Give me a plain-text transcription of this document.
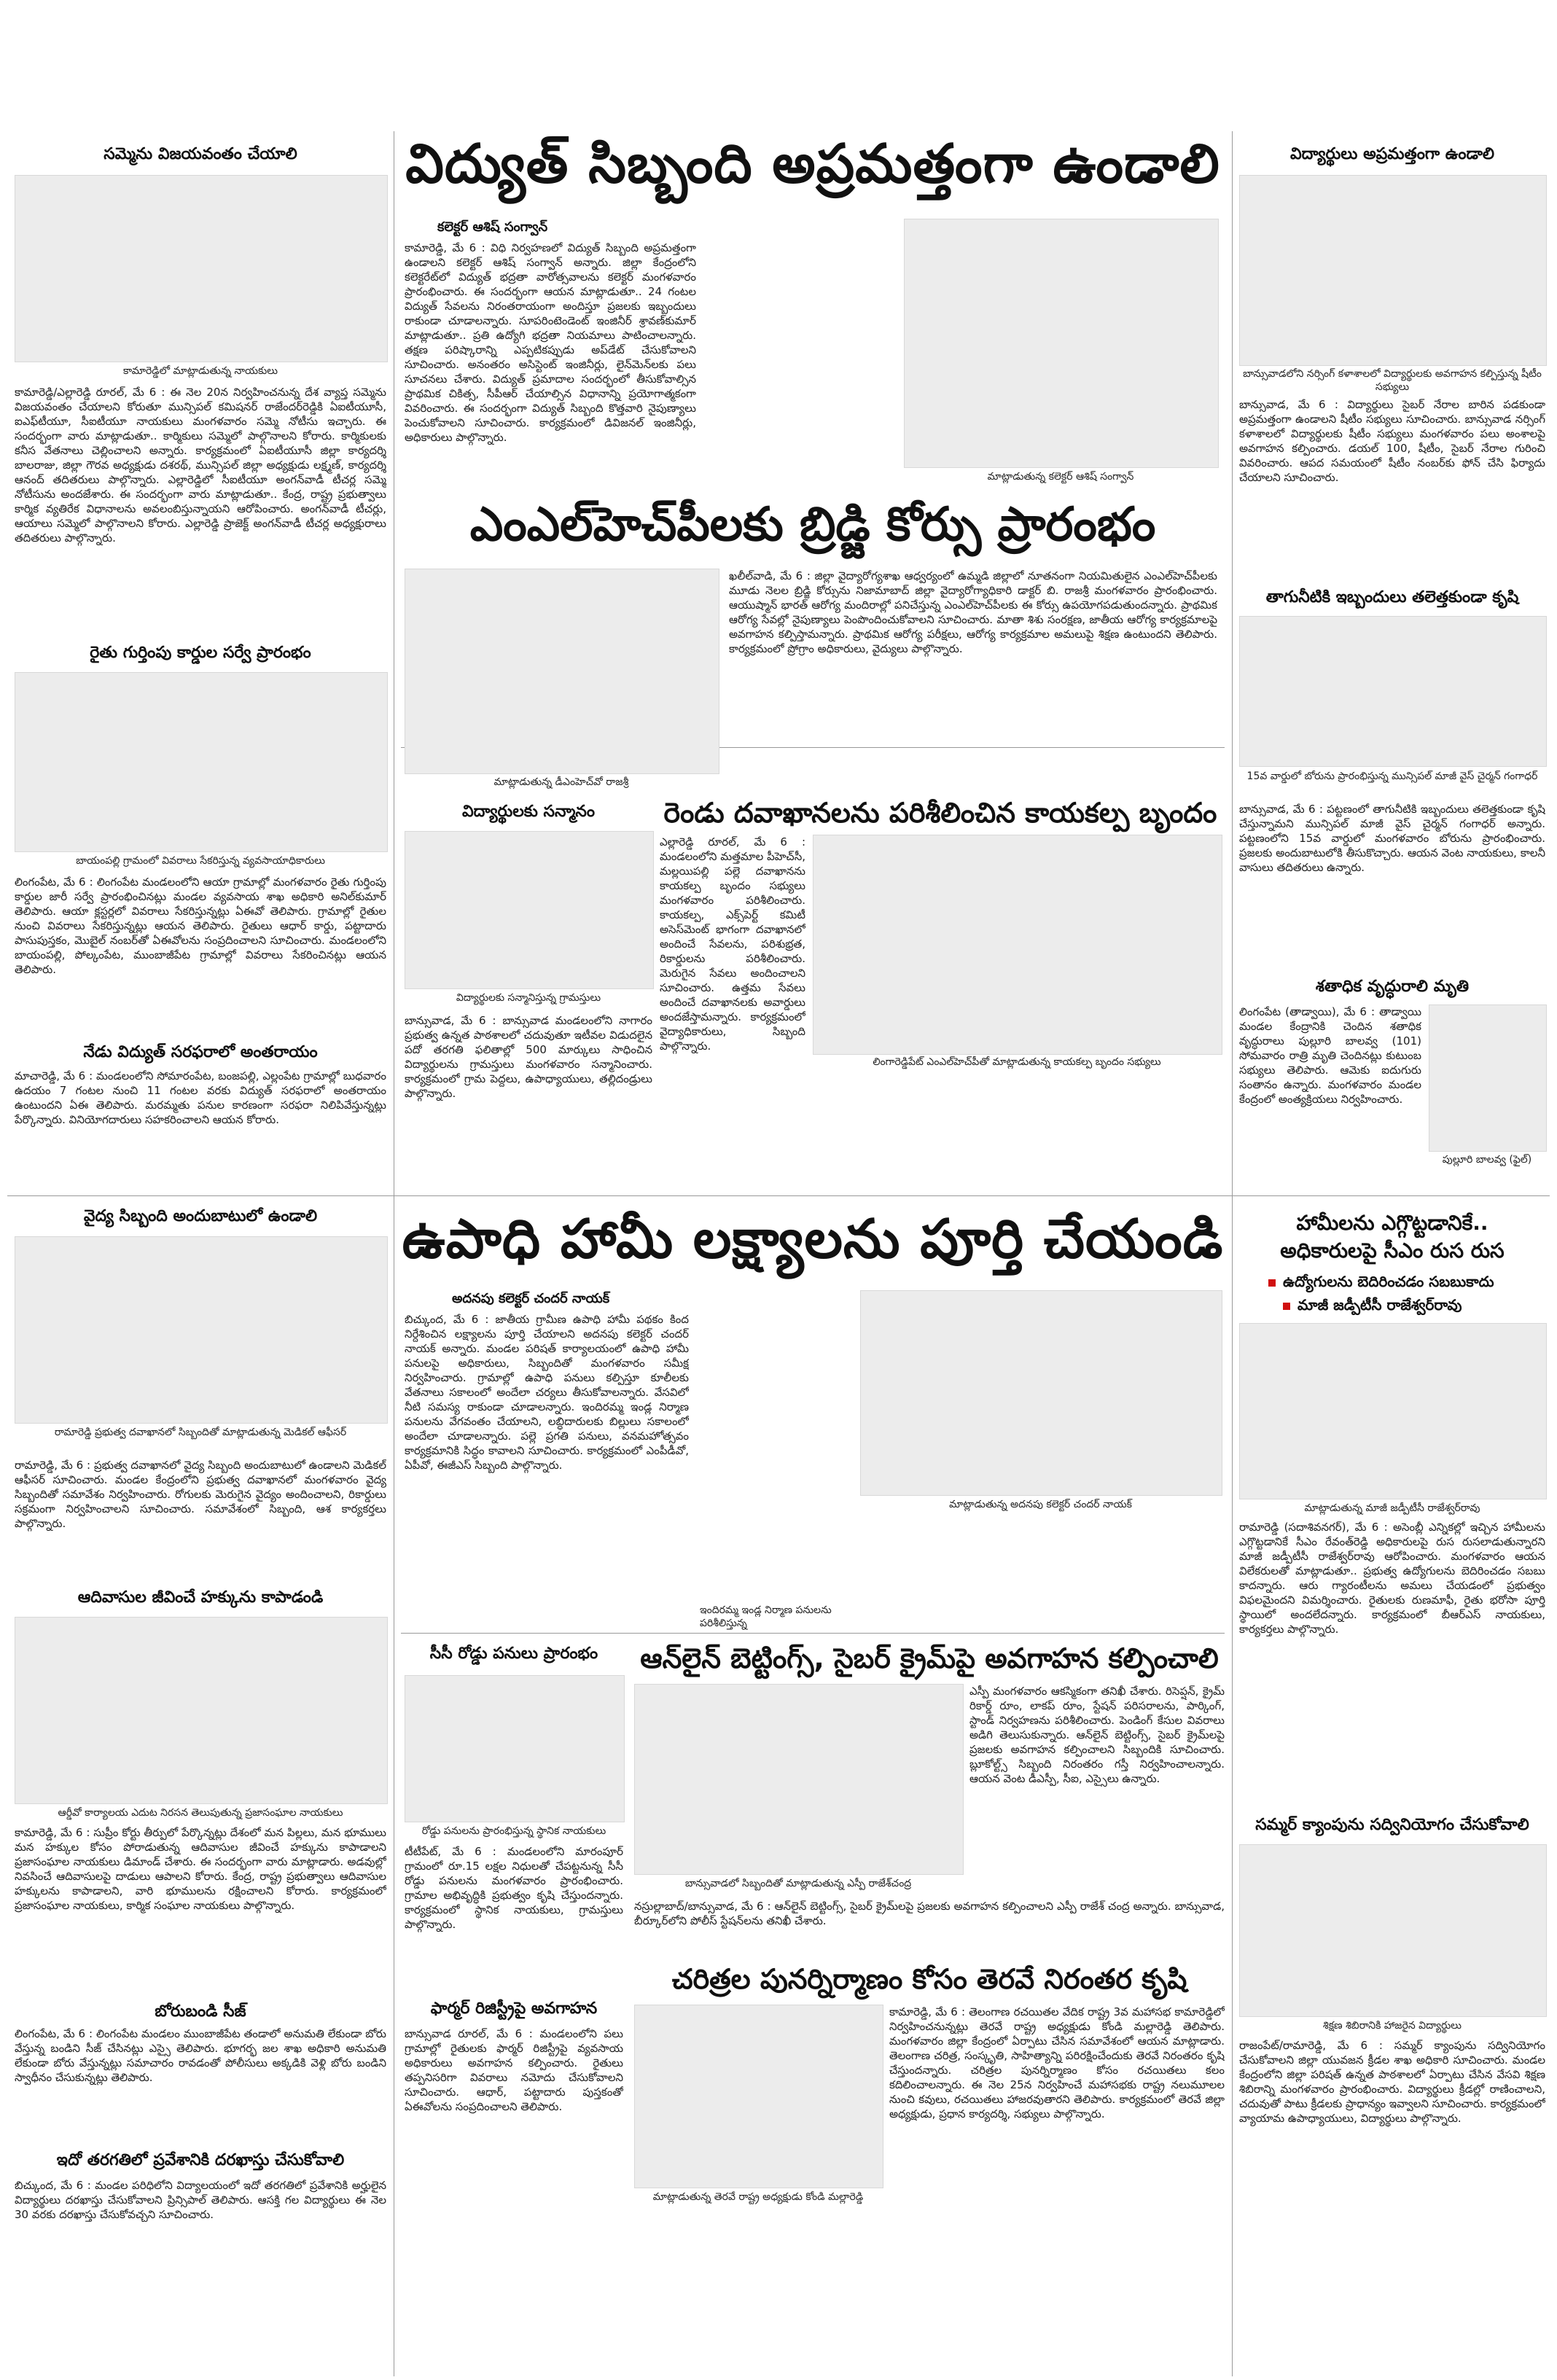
సమ్మెను విజయవంతం చేయాలి
కామారెడ్డిలో మాట్లాడుతున్న నాయకులు
కామారెడ్డి/ఎల్లారెడ్డి రూరల్, మే 6 : ఈ నెల 20న నిర్వహించనున్న దేశ వ్యాప్త సమ్మెను విజయవంతం చేయాలని కోరుతూ మున్సిపల్ కమిషనర్ రాజేందర్‌రెడ్డికి ఏఐటీయూసీ, ఐఎఫ్‌టీయూ, సీఐటీయూ నాయకులు మంగళవారం సమ్మె నోటీసు ఇచ్చారు. ఈ సందర్భంగా వారు మాట్లాడుతూ.. కార్మికులు సమ్మెలో పాల్గొనాలని కోరారు. కార్మికులకు కనీస వేతనాలు చెల్లించాలని అన్నారు. కార్యక్రమంలో ఏఐటీయూసీ జిల్లా కార్యదర్శి బాలరాజు, జిల్లా గౌరవ అధ్యక్షుడు దశరథ్, మున్సిపల్ జిల్లా అధ్యక్షుడు లక్ష్మణ్, కార్యదర్శి ఆనంద్ తదితరులు పాల్గొన్నారు. ఎల్లారెడ్డిలో సీఐటీయూ అంగన్‌వాడీ టీచర్ల సమ్మె నోటీసును అందజేశారు. ఈ సందర్భంగా వారు మాట్లాడుతూ.. కేంద్ర, రాష్ట్ర ప్రభుత్వాలు కార్మిక వ్యతిరేక విధానాలను అవలంబిస్తున్నాయని ఆరోపించారు. అంగన్‌వాడీ టీచర్లు, ఆయాలు సమ్మెలో పాల్గొనాలని కోరారు. ఎల్లారెడ్డి ప్రాజెక్ట్ అంగన్‌వాడీ టీచర్ల అధ్యక్షురాలు తదితరులు పాల్గొన్నారు.
రైతు గుర్తింపు కార్డుల సర్వే ప్రారంభం
బాయంపల్లి గ్రామంలో వివరాలు సేకరిస్తున్న వ్యవసాయాధికారులు
లింగంపేట, మే 6 : లింగంపేట మండలంలోని ఆయా గ్రామాల్లో మంగళవారం రైతు గుర్తింపు కార్డుల జారీ సర్వే ప్రారంభించినట్లు మండల వ్యవసాయ శాఖ అధికారి అనిల్‌కుమార్ తెలిపారు. ఆయా క్లస్టర్లలో వివరాలు సేకరిస్తున్నట్లు ఏఈవో తెలిపారు. గ్రామాల్లో రైతుల నుంచి వివరాలు సేకరిస్తున్నట్లు ఆయన తెలిపారు. రైతులు ఆధార్ కార్డు, పట్టాదారు పాసుపుస్తకం, మొబైల్ నంబర్‌తో ఏఈవోలను సంప్రదించాలని సూచించారు. మండలంలోని బాయంపల్లి, పోల్కంపేట, ముంబాజీపేట గ్రామాల్లో వివరాలు సేకరించినట్లు ఆయన తెలిపారు.
నేడు విద్యుత్ సరఫరాలో అంతరాయం
మాచారెడ్డి, మే 6 : మండలంలోని సోమారంపేట, బంజపల్లి, ఎల్లంపేట గ్రామాల్లో బుధవారం ఉదయం 7 గంటల నుంచి 11 గంటల వరకు విద్యుత్ సరఫరాలో అంతరాయం ఉంటుందని ఏఈ తెలిపారు. మరమ్మతు పనుల కారణంగా సరఫరా నిలిపివేస్తున్నట్లు పేర్కొన్నారు. వినియోగదారులు సహకరించాలని ఆయన కోరారు.
వైద్య సిబ్బంది అందుబాటులో ఉండాలి
రామారెడ్డి ప్రభుత్వ దవాఖానలో సిబ్బందితో మాట్లాడుతున్న మెడికల్ ఆఫీసర్
రామారెడ్డి, మే 6 : ప్రభుత్వ దవాఖానలో వైద్య సిబ్బంది అందుబాటులో ఉండాలని మెడికల్ ఆఫీసర్ సూచించారు. మండల కేంద్రంలోని ప్రభుత్వ దవాఖానలో మంగళవారం వైద్య సిబ్బందితో సమావేశం నిర్వహించారు. రోగులకు మెరుగైన వైద్యం అందించాలని, రికార్డులు సక్రమంగా నిర్వహించాలని సూచించారు. సమావేశంలో సిబ్బంది, ఆశ కార్యకర్తలు పాల్గొన్నారు.
ఆదివాసుల జీవించే హక్కును కాపాడండి
ఆర్డీవో కార్యాలయ ఎదుట నిరసన తెలుపుతున్న ప్రజాసంఘాల నాయకులు
కామారెడ్డి, మే 6 : సుప్రీం కోర్టు తీర్పులో పేర్కొన్నట్లు దేశంలో మన పిల్లలు, మన భూములు మన హక్కుల కోసం పోరాడుతున్న ఆదివాసుల జీవించే హక్కును కాపాడాలని ప్రజాసంఘాల నాయకులు డిమాండ్ చేశారు. ఈ సందర్భంగా వారు మాట్లాడారు. అడవుల్లో నివసించే ఆదివాసులపై దాడులు ఆపాలని కోరారు. కేంద్ర, రాష్ట్ర ప్రభుత్వాలు ఆదివాసుల హక్కులను కాపాడాలని, వారి భూములను రక్షించాలని కోరారు. కార్యక్రమంలో ప్రజాసంఘాల నాయకులు, కార్మిక సంఘాల నాయకులు పాల్గొన్నారు.
బోరుబండి సీజ్
లింగంపేట, మే 6 : లింగంపేట మండలం ముంబాజీపేట తండాలో అనుమతి లేకుండా బోరు వేస్తున్న బండిని సీజ్ చేసినట్లు ఎస్సై తెలిపారు. భూగర్భ జల శాఖ అధికారి అనుమతి లేకుండా బోరు వేస్తున్నట్లు సమాచారం రావడంతో పోలీసులు అక్కడికి వెళ్లి బోరు బండిని స్వాధీనం చేసుకున్నట్లు తెలిపారు.
ఇదో తరగతిలో ప్రవేశానికి దరఖాస్తు చేసుకోవాలి
బిచ్కుంద, మే 6 : మండల పరిధిలోని విద్యాలయంలో ఇదో తరగతిలో ప్రవేశానికి అర్హులైన విద్యార్థులు దరఖాస్తు చేసుకోవాలని ప్రిన్సిపాల్ తెలిపారు. ఆసక్తి గల విద్యార్థులు ఈ నెల 30 వరకు దరఖాస్తు చేసుకోవచ్చని సూచించారు.
విద్యుత్ సిబ్బంది అప్రమత్తంగా ఉండాలి
కలెక్టర్ ఆశిష్ సంగ్వాన్
కామారెడ్డి, మే 6 : విధి నిర్వహణలో విద్యుత్ సిబ్బంది అప్రమత్తంగా ఉండాలని కలెక్టర్ ఆశిష్ సంగ్వాన్ అన్నారు. జిల్లా కేంద్రంలోని కలెక్టరేట్‌లో విద్యుత్ భద్రతా వారోత్సవాలను కలెక్టర్ మంగళవారం ప్రారంభించారు. ఈ సందర్భంగా ఆయన మాట్లాడుతూ.. 24 గంటల విద్యుత్ సేవలను నిరంతరాయంగా అందిస్తూ ప్రజలకు ఇబ్బందులు రాకుండా చూడాలన్నారు. సూపరింటెండెంట్ ఇంజినీర్ శ్రావణ్‌కుమార్ మాట్లాడుతూ.. ప్రతి ఉద్యోగి భద్రతా నియమాలు పాటించాలన్నారు. తక్షణ పరిష్కారాన్ని ఎప్పటికప్పుడు అప్‌డేట్ చేసుకోవాలని సూచించారు. అనంతరం అసిస్టెంట్ ఇంజినీర్లు, లైన్‌మెన్‌లకు పలు సూచనలు చేశారు. విద్యుత్ ప్రమాదాల సందర్భంలో తీసుకోవాల్సిన ప్రాథమిక చికిత్స, సీపీఆర్ చేయాల్సిన విధానాన్ని ప్రయోగాత్మకంగా వివరించారు. ఈ సందర్భంగా విద్యుత్ సిబ్బంది కొత్తవారి నైపుణ్యాలు పెంచుకోవాలని సూచించారు. కార్యక్రమంలో డివిజనల్ ఇంజినీర్లు, అధికారులు పాల్గొన్నారు.
మాట్లాడుతున్న కలెక్టర్ ఆశిష్ సంగ్వాన్
ఎంఎల్‌హెచ్‌పీలకు బ్రిడ్జి కోర్సు ప్రారంభం
మాట్లాడుతున్న డీఎంహెచ్‌వో రాజశ్రీ
ఖలీల్‌వాడి, మే 6 : జిల్లా వైద్యారోగ్యశాఖ ఆధ్వర్యంలో ఉమ్మడి జిల్లాలో నూతనంగా నియమితులైన ఎంఎల్‌హెచ్‌పీలకు మూడు నెలల బ్రిడ్జి కోర్సును నిజామాబాద్ జిల్లా వైద్యారోగ్యాధికారి డాక్టర్ బి. రాజశ్రీ మంగళవారం ప్రారంభించారు. ఆయుష్మాన్ భారత్ ఆరోగ్య మందిరాల్లో పనిచేస్తున్న ఎంఎల్‌హెచ్‌పీలకు ఈ కోర్సు ఉపయోగపడుతుందన్నారు. ప్రాథమిక ఆరోగ్య సేవల్లో నైపుణ్యాలు పెంపొందించుకోవాలని సూచించారు. మాతా శిశు సంరక్షణ, జాతీయ ఆరోగ్య కార్యక్రమాలపై అవగాహన కల్పిస్తామన్నారు. ప్రాథమిక ఆరోగ్య పరీక్షలు, ఆరోగ్య కార్యక్రమాల అమలుపై శిక్షణ ఉంటుందని తెలిపారు. కార్యక్రమంలో ప్రోగ్రాం అధికారులు, వైద్యులు పాల్గొన్నారు.
విద్యార్థులకు సన్మానం
విద్యార్థులకు సన్మానిస్తున్న గ్రామస్తులు
బాన్సువాడ, మే 6 : బాన్సువాడ మండలంలోని నాగారం ప్రభుత్వ ఉన్నత పాఠశాలలో చదువుతూ ఇటీవల విడుదలైన పదో తరగతి ఫలితాల్లో 500 మార్కులు సాధించిన విద్యార్థులను గ్రామస్తులు మంగళవారం సన్మానించారు. కార్యక్రమంలో గ్రామ పెద్దలు, ఉపాధ్యాయులు, తల్లిదండ్రులు పాల్గొన్నారు.
రెండు దవాఖానలను పరిశీలించిన కాయకల్ప బృందం
ఎల్లారెడ్డి రూరల్, మే 6 : మండలంలోని మత్తమాల పీహెచ్‌సీ, మల్లయిపల్లి పల్లె దవాఖానను కాయకల్ప బృందం సభ్యులు మంగళవారం పరిశీలించారు. కాయకల్ప, ఎక్స్‌పెర్ట్ కమిటీ అసెస్‌మెంట్ భాగంగా దవాఖానలో అందించే సేవలను, పరిశుభ్రత, రికార్డులను పరిశీలించారు. మెరుగైన సేవలు అందించాలని సూచించారు. ఉత్తమ సేవలు అందించే దవాఖానలకు అవార్డులు అందజేస్తామన్నారు. కార్యక్రమంలో వైద్యాధికారులు, సిబ్బంది పాల్గొన్నారు.
లింగారెడ్డిపేట్ ఎంఎల్‌హెచ్‌పీతో మాట్లాడుతున్న కాయకల్ప బృందం సభ్యులు
విద్యార్థులు అప్రమత్తంగా ఉండాలి
బాన్సువాడలోని నర్సింగ్ కళాశాలలో విద్యార్థులకు అవగాహన కల్పిస్తున్న షీటీం సభ్యులు
బాన్సువాడ, మే 6 : విద్యార్థులు సైబర్ నేరాల బారిన పడకుండా అప్రమత్తంగా ఉండాలని షీటీం సభ్యులు సూచించారు. బాన్సువాడ నర్సింగ్ కళాశాలలో విద్యార్థులకు షీటీం సభ్యులు మంగళవారం పలు అంశాలపై అవగాహన కల్పించారు. డయల్ 100, షీటీం, సైబర్ నేరాల గురించి వివరించారు. ఆపద సమయంలో షీటీం నంబర్‌కు ఫోన్ చేసి ఫిర్యాదు చేయాలని సూచించారు.
తాగునీటికి ఇబ్బందులు తలెత్తకుండా కృషి
15వ వార్డులో బోరును ప్రారంభిస్తున్న మున్సిపల్ మాజీ వైస్ చైర్మన్ గంగాధర్
బాన్సువాడ, మే 6 : పట్టణంలో తాగునీటికి ఇబ్బందులు తలెత్తకుండా కృషి చేస్తున్నామని మున్సిపల్ మాజీ వైస్ చైర్మన్ గంగాధర్ అన్నారు. పట్టణంలోని 15వ వార్డులో మంగళవారం బోరును ప్రారంభించారు. ప్రజలకు అందుబాటులోకి తీసుకొచ్చారు. ఆయన వెంట నాయకులు, కాలనీ వాసులు తదితరులు ఉన్నారు.
శతాధిక వృద్ధురాలి మృతి
లింగంపేట (తాడ్వాయి), మే 6 : తాడ్వాయి మండల కేంద్రానికి చెందిన శతాధిక వృద్ధురాలు పుల్లూరి బాలవ్వ (101) సోమవారం రాత్రి మృతి చెందినట్లు కుటుంబ సభ్యులు తెలిపారు. ఆమెకు ఐదుగురు సంతానం ఉన్నారు. మంగళవారం మండల కేంద్రంలో అంత్యక్రియలు నిర్వహించారు.
పుల్లూరి బాలవ్వ (ఫైల్)
ఉపాధి హామీ లక్ష్యాలను పూర్తి చేయండి
అదనపు కలెక్టర్ చందర్ నాయక్
బిచ్కుంద, మే 6 : జాతీయ గ్రామీణ ఉపాధి హామీ పథకం కింద నిర్దేశించిన లక్ష్యాలను పూర్తి చేయాలని అదనపు కలెక్టర్ చందర్ నాయక్ అన్నారు. మండల పరిషత్ కార్యాలయంలో ఉపాధి హామీ పనులపై అధికారులు, సిబ్బందితో మంగళవారం సమీక్ష నిర్వహించారు. గ్రామాల్లో ఉపాధి పనులు కల్పిస్తూ కూలీలకు వేతనాలు సకాలంలో అందేలా చర్యలు తీసుకోవాలన్నారు. వేసవిలో నీటి సమస్య రాకుండా చూడాలన్నారు. ఇందిరమ్మ ఇండ్ల నిర్మాణ పనులను వేగవంతం చేయాలని, లబ్ధిదారులకు బిల్లులు సకాలంలో అందేలా చూడాలన్నారు. పల్లె ప్రగతి పనులు, వనమహోత్సవం కార్యక్రమానికి సిద్ధం కావాలని సూచించారు. కార్యక్రమంలో ఎంపీడీవో, ఏపీవో, ఈజీఎస్ సిబ్బంది పాల్గొన్నారు.
మాట్లాడుతున్న అదనపు కలెక్టర్ చందర్ నాయక్
ఇందిరమ్మ ఇండ్ల నిర్మాణ పనులను పరిశీలిస్తున్న
హామీలను ఎగ్గొట్టడానికే..
అధికారులపై సీఎం రుస రుస
ఉద్యోగులను బెదిరించడం సబబుకాదు
మాజీ జడ్పీటీసీ రాజేశ్వర్‌రావు
మాట్లాడుతున్న మాజీ జడ్పీటీసీ రాజేశ్వర్‌రావు
రామారెడ్డి (సదాశివనగర్), మే 6 : అసెంబ్లీ ఎన్నికల్లో ఇచ్చిన హామీలను ఎగ్గొట్టడానికే సీఎం రేవంత్‌రెడ్డి అధికారులపై రుస రుసలాడుతున్నారని మాజీ జడ్పీటీసీ రాజేశ్వర్‌రావు ఆరోపించారు. మంగళవారం ఆయన విలేకరులతో మాట్లాడుతూ.. ప్రభుత్వ ఉద్యోగులను బెదిరించడం సబబు కాదన్నారు. ఆరు గ్యారంటీలను అమలు చేయడంలో ప్రభుత్వం విఫలమైందని విమర్శించారు. రైతులకు రుణమాఫీ, రైతు భరోసా పూర్తి స్థాయిలో అందలేదన్నారు. కార్యక్రమంలో బీఆర్ఎస్ నాయకులు, కార్యకర్తలు పాల్గొన్నారు.
సమ్మర్ క్యాంపును సద్వినియోగం చేసుకోవాలి
శిక్షణ శిబిరానికి హాజరైన విద్యార్థులు
రాజంపేట్/రామారెడ్డి, మే 6 : సమ్మర్ క్యాంపును సద్వినియోగం చేసుకోవాలని జిల్లా యువజన క్రీడల శాఖ అధికారి సూచించారు. మండల కేంద్రంలోని జిల్లా పరిషత్ ఉన్నత పాఠశాలలో ఏర్పాటు చేసిన వేసవి శిక్షణ శిబిరాన్ని మంగళవారం ప్రారంభించారు. విద్యార్థులు క్రీడల్లో రాణించాలని, చదువుతో పాటు క్రీడలకు ప్రాధాన్యం ఇవ్వాలని సూచించారు. కార్యక్రమంలో వ్యాయామ ఉపాధ్యాయులు, విద్యార్థులు పాల్గొన్నారు.
సీసీ రోడ్డు పనులు ప్రారంభం
రోడ్డు పనులను ప్రారంభిస్తున్న స్థానిక నాయకులు
టీటీపేట్, మే 6 : మండలంలోని మారంపూర్ గ్రామంలో రూ.15 లక్షల నిధులతో చేపట్టనున్న సీసీ రోడ్డు పనులను మంగళవారం ప్రారంభించారు. గ్రామాల అభివృద్ధికి ప్రభుత్వం కృషి చేస్తుందన్నారు. కార్యక్రమంలో స్థానిక నాయకులు, గ్రామస్తులు పాల్గొన్నారు.
ఫార్మర్ రిజిస్ట్రీపై అవగాహన
బాన్సువాడ రూరల్, మే 6 : మండలంలోని పలు గ్రామాల్లో రైతులకు ఫార్మర్ రిజిస్ట్రీపై వ్యవసాయ అధికారులు అవగాహన కల్పించారు. రైతులు తప్పనిసరిగా వివరాలు నమోదు చేసుకోవాలని సూచించారు. ఆధార్, పట్టాదారు పుస్తకంతో ఏఈవోలను సంప్రదించాలని తెలిపారు.
ఆన్‌లైన్ బెట్టింగ్స్, సైబర్ క్రైమ్‌పై అవగాహన కల్పించాలి
బాన్సువాడలో సిబ్బందితో మాట్లాడుతున్న ఎస్పీ రాజేశ్‌చంద్ర
ఎస్పీ మంగళవారం ఆకస్మికంగా తనిఖీ చేశారు. రిసెప్షన్, క్రైమ్ రికార్డ్ రూం, లాకప్ రూం, స్టేషన్ పరిసరాలను, పార్కింగ్, స్టాండ్ నిర్వహణను పరిశీలించారు. పెండింగ్ కేసుల వివరాలు అడిగి తెలుసుకున్నారు. ఆన్‌లైన్ బెట్టింగ్స్, సైబర్ క్రైమ్‌లపై ప్రజలకు అవగాహన కల్పించాలని సిబ్బందికి సూచించారు. బ్లూకోల్ట్స్ సిబ్బంది నిరంతరం గస్తీ నిర్వహించాలన్నారు. ఆయన వెంట డీఎస్పీ, సీఐ, ఎస్సైలు ఉన్నారు.
నస్రుల్లాబాద్/బాన్సువాడ, మే 6 : ఆన్‌లైన్ బెట్టింగ్స్, సైబర్ క్రైమ్‌లపై ప్రజలకు అవగాహన కల్పించాలని ఎస్పీ రాజేశ్ చంద్ర అన్నారు. బాన్సువాడ, బీర్కూర్‌లోని పోలీస్ స్టేషన్‌లను తనిఖీ చేశారు.
చరిత్రల పునర్నిర్మాణం కోసం తెరవే నిరంతర కృషి
మాట్లాడుతున్న తెరవే రాష్ట్ర అధ్యక్షుడు కోండి మల్లారెడ్డి
కామారెడ్డి, మే 6 : తెలంగాణ రచయితల వేదిక రాష్ట్ర 3వ మహాసభ కామారెడ్డిలో నిర్వహించనున్నట్లు తెరవే రాష్ట్ర అధ్యక్షుడు కోండి మల్లారెడ్డి తెలిపారు. మంగళవారం జిల్లా కేంద్రంలో ఏర్పాటు చేసిన సమావేశంలో ఆయన మాట్లాడారు. తెలంగాణ చరిత్ర, సంస్కృతి, సాహిత్యాన్ని పరిరక్షించేందుకు తెరవే నిరంతరం కృషి చేస్తుందన్నారు. చరిత్రల పునర్నిర్మాణం కోసం రచయితలు కలం కదిలించాలన్నారు. ఈ నెల 25న నిర్వహించే మహాసభకు రాష్ట్ర నలుమూలల నుంచి కవులు, రచయితలు హాజరవుతారని తెలిపారు. కార్యక్రమంలో తెరవే జిల్లా అధ్యక్షుడు, ప్రధాన కార్యదర్శి, సభ్యులు పాల్గొన్నారు.
